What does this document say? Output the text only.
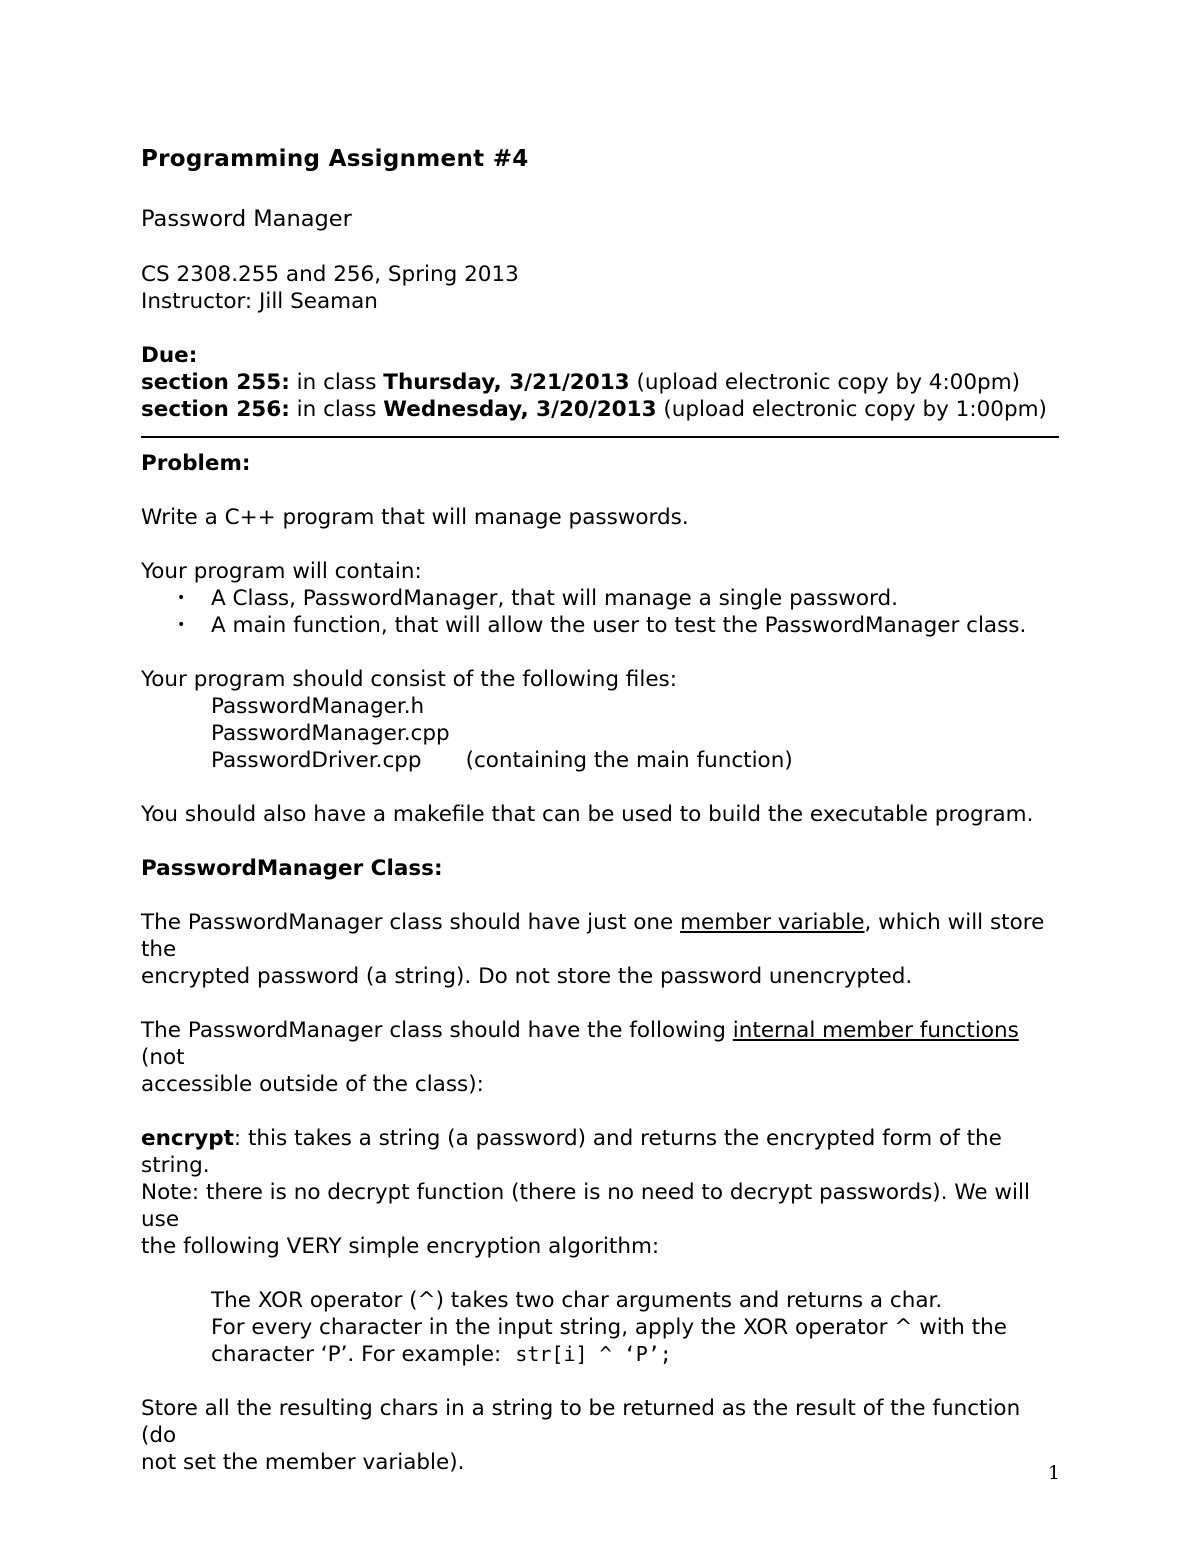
Programming Assignment #4

Password Manager

CS 2308.255 and 256, Spring 2013

Instructor: Jill Seaman

Due:

section 255: in class Thursday, 3/21/2013 (upload electronic copy by 4:00pm)

section 256: in class Wednesday, 3/20/2013 (upload electronic copy by 1:00pm)

Problem:

Write a C++ program that will manage passwords.

Your program will contain:

• A Class, PasswordManager, that will manage a single password.
• A main function, that will allow the user to test the PasswordManager class.

Your program should consist of the following files:

PasswordManager.h

PasswordManager.cpp

PasswordDriver.cpp (containing the main function)

You should also have a makefile that can be used to build the executable program.

PasswordManager Class:

The PasswordManager class should have just one member variable, which will store the

encrypted password (a string). Do not store the password unencrypted.

The PasswordManager class should have the following internal member functions (not

accessible outside of the class):

encrypt: this takes a string (a password) and returns the encrypted form of the string.

Note: there is no decrypt function (there is no need to decrypt passwords). We will use

the following VERY simple encryption algorithm:

The XOR operator (^) takes two char arguments and returns a char.

For every character in the input string, apply the XOR operator ^ with the

character ‘P’. For example: str[i] ^ ‘P’;

Store all the resulting chars in a string to be returned as the result of the function (do

not set the member variable).	1
